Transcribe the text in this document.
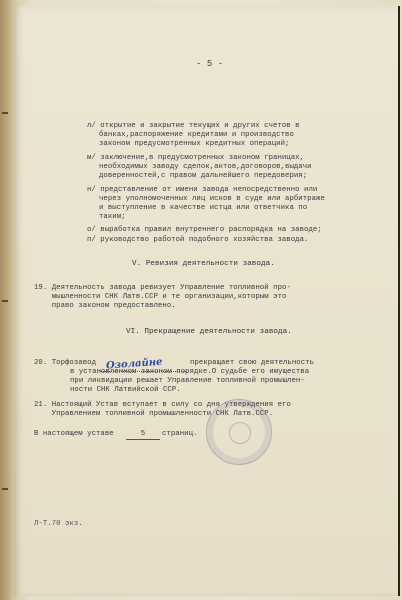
- 5 -
л/ открытие и закрытие текущих и других счетов в
банках,распоряжение кредитами и производство
законом предусмотренных кредитных операций;
м/ заключение,в предусмотренных законом границах,
необходимых заводу сделок,актов,договоров,выдачи
доверенностей,с правом дальнейшего передоверия;
н/ представление от имени завода непосредственно или
через уполномоченных лиц исков в суде или арбитраже
и выступление в качестве истца или ответчика по
таким;
о/ выработка правил внутреннего распорядка на заводе;
п/ руководство работой подобного хозяйства завода.
V. Ревизия деятельности завода.
19. Деятельность завода ревизует Управление топливной про-
мышленности СНК Латв.ССР и те организации,которым это
право законом предоставлено.
VI. Прекращение деятельности завода.
20. Торфозавод Озолайне	прекращает свою деятельность
в установленном законом порядке.О судьбе его имущества
при ликвидации решает Управление топливной промышлен-
ности СНК Латвийской ССР.
21. Настоящий Устав вступает в силу со дня утверждения его
Управлением топливной промышленности СНК Латв.ССР.
В настоящем уставе	5	страниц.
Л-Т.70 экз.
